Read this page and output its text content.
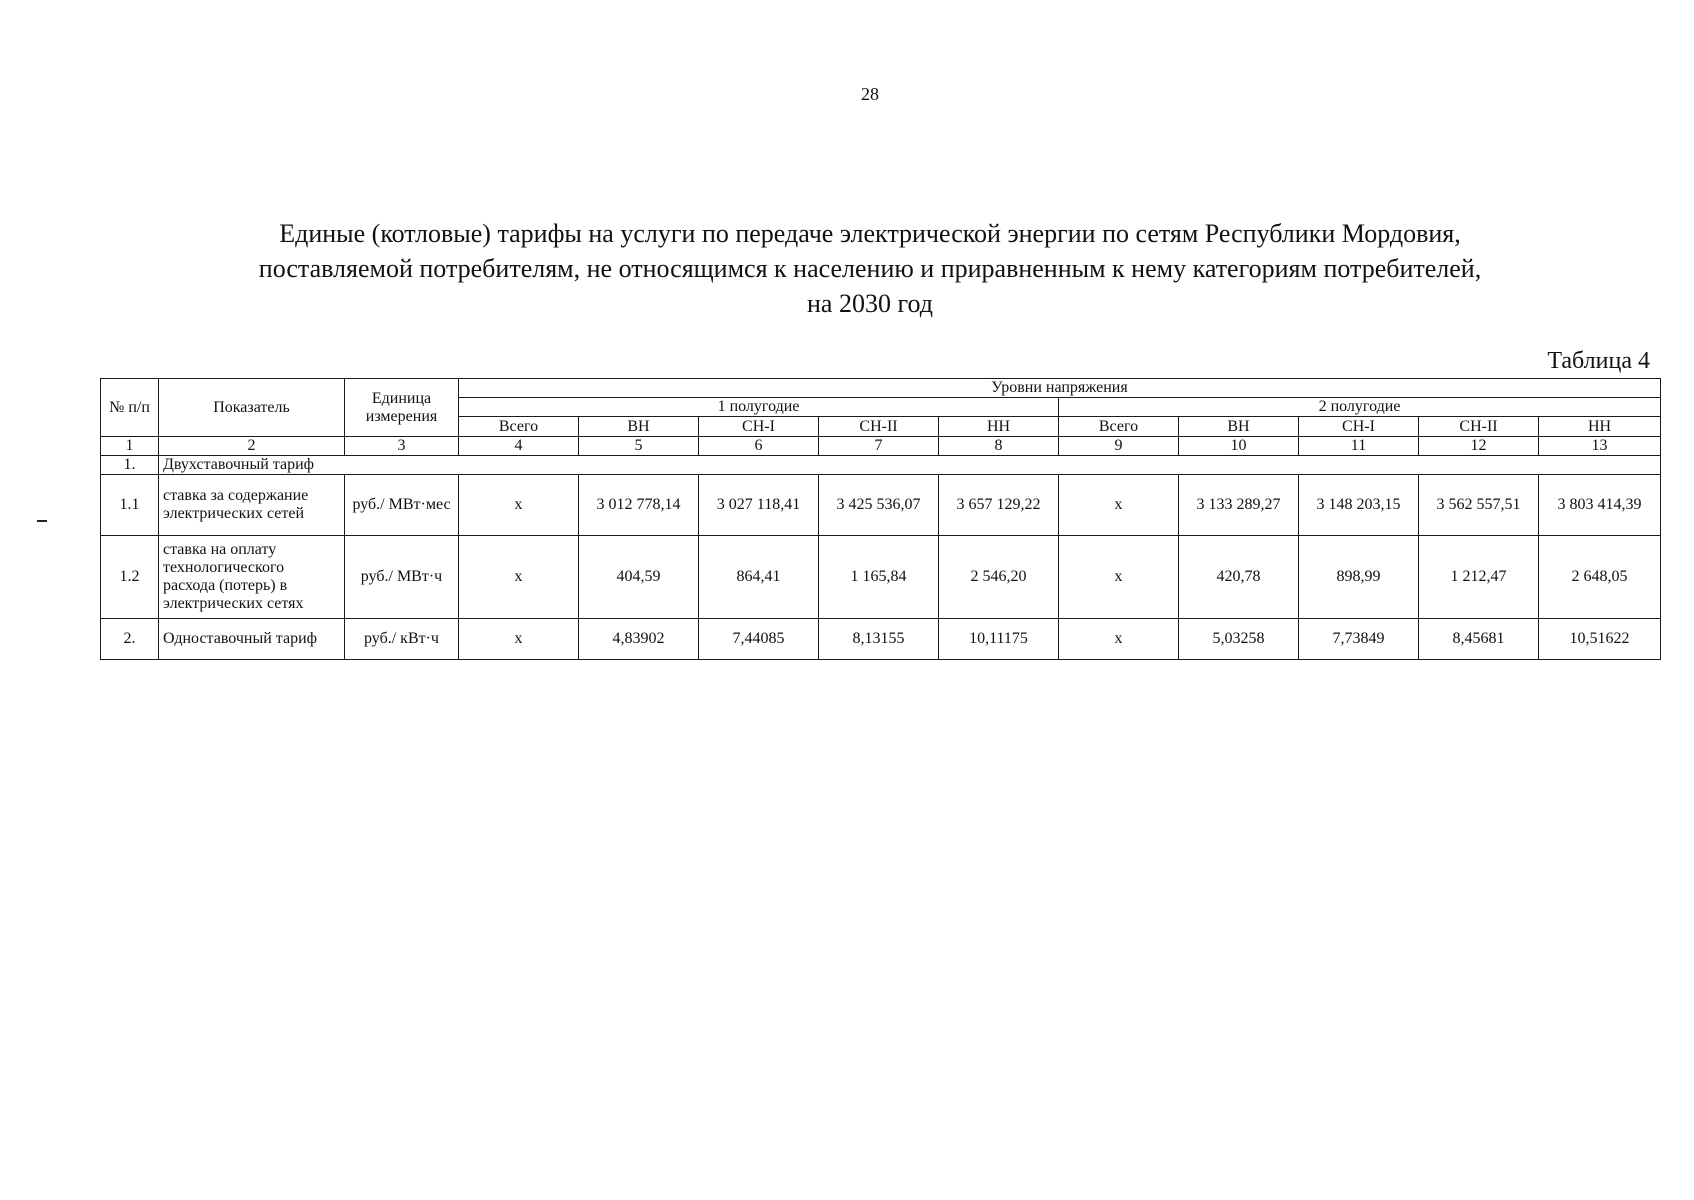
28
Единые (котловые) тарифы на услуги по передаче электрической энергии по сетям Республики Мордовия,
поставляемой потребителям, не относящимся к населению и приравненным к нему категориям потребителей,
на 2030 год
Таблица 4
№ п/п	Показатель	Единица измерения	Уровни напряжения									
			1 полугодие					2 полугодие				
			Всего	ВН	СН-I	СН-II	НН	Всего	ВН	СН-I	СН-II	НН
1	2	3	4	5	6	7	8	9	10	11	12	13
1.	Двухставочный тариф											
1.1	ставка за содержание электрических сетей	руб./ МВт·мес	х	3 012 778,14	3 027 118,41	3 425 536,07	3 657 129,22	х	3 133 289,27	3 148 203,15	3 562 557,51	3 803 414,39
1.2	ставка на оплату технологического расхода (потерь) в электрических сетях	руб./ МВт·ч	х	404,59	864,41	1 165,84	2 546,20	х	420,78	898,99	1 212,47	2 648,05
2.	Одноставочный тариф	руб./ кВт·ч	х	4,83902	7,44085	8,13155	10,11175	х	5,03258	7,73849	8,45681	10,51622
